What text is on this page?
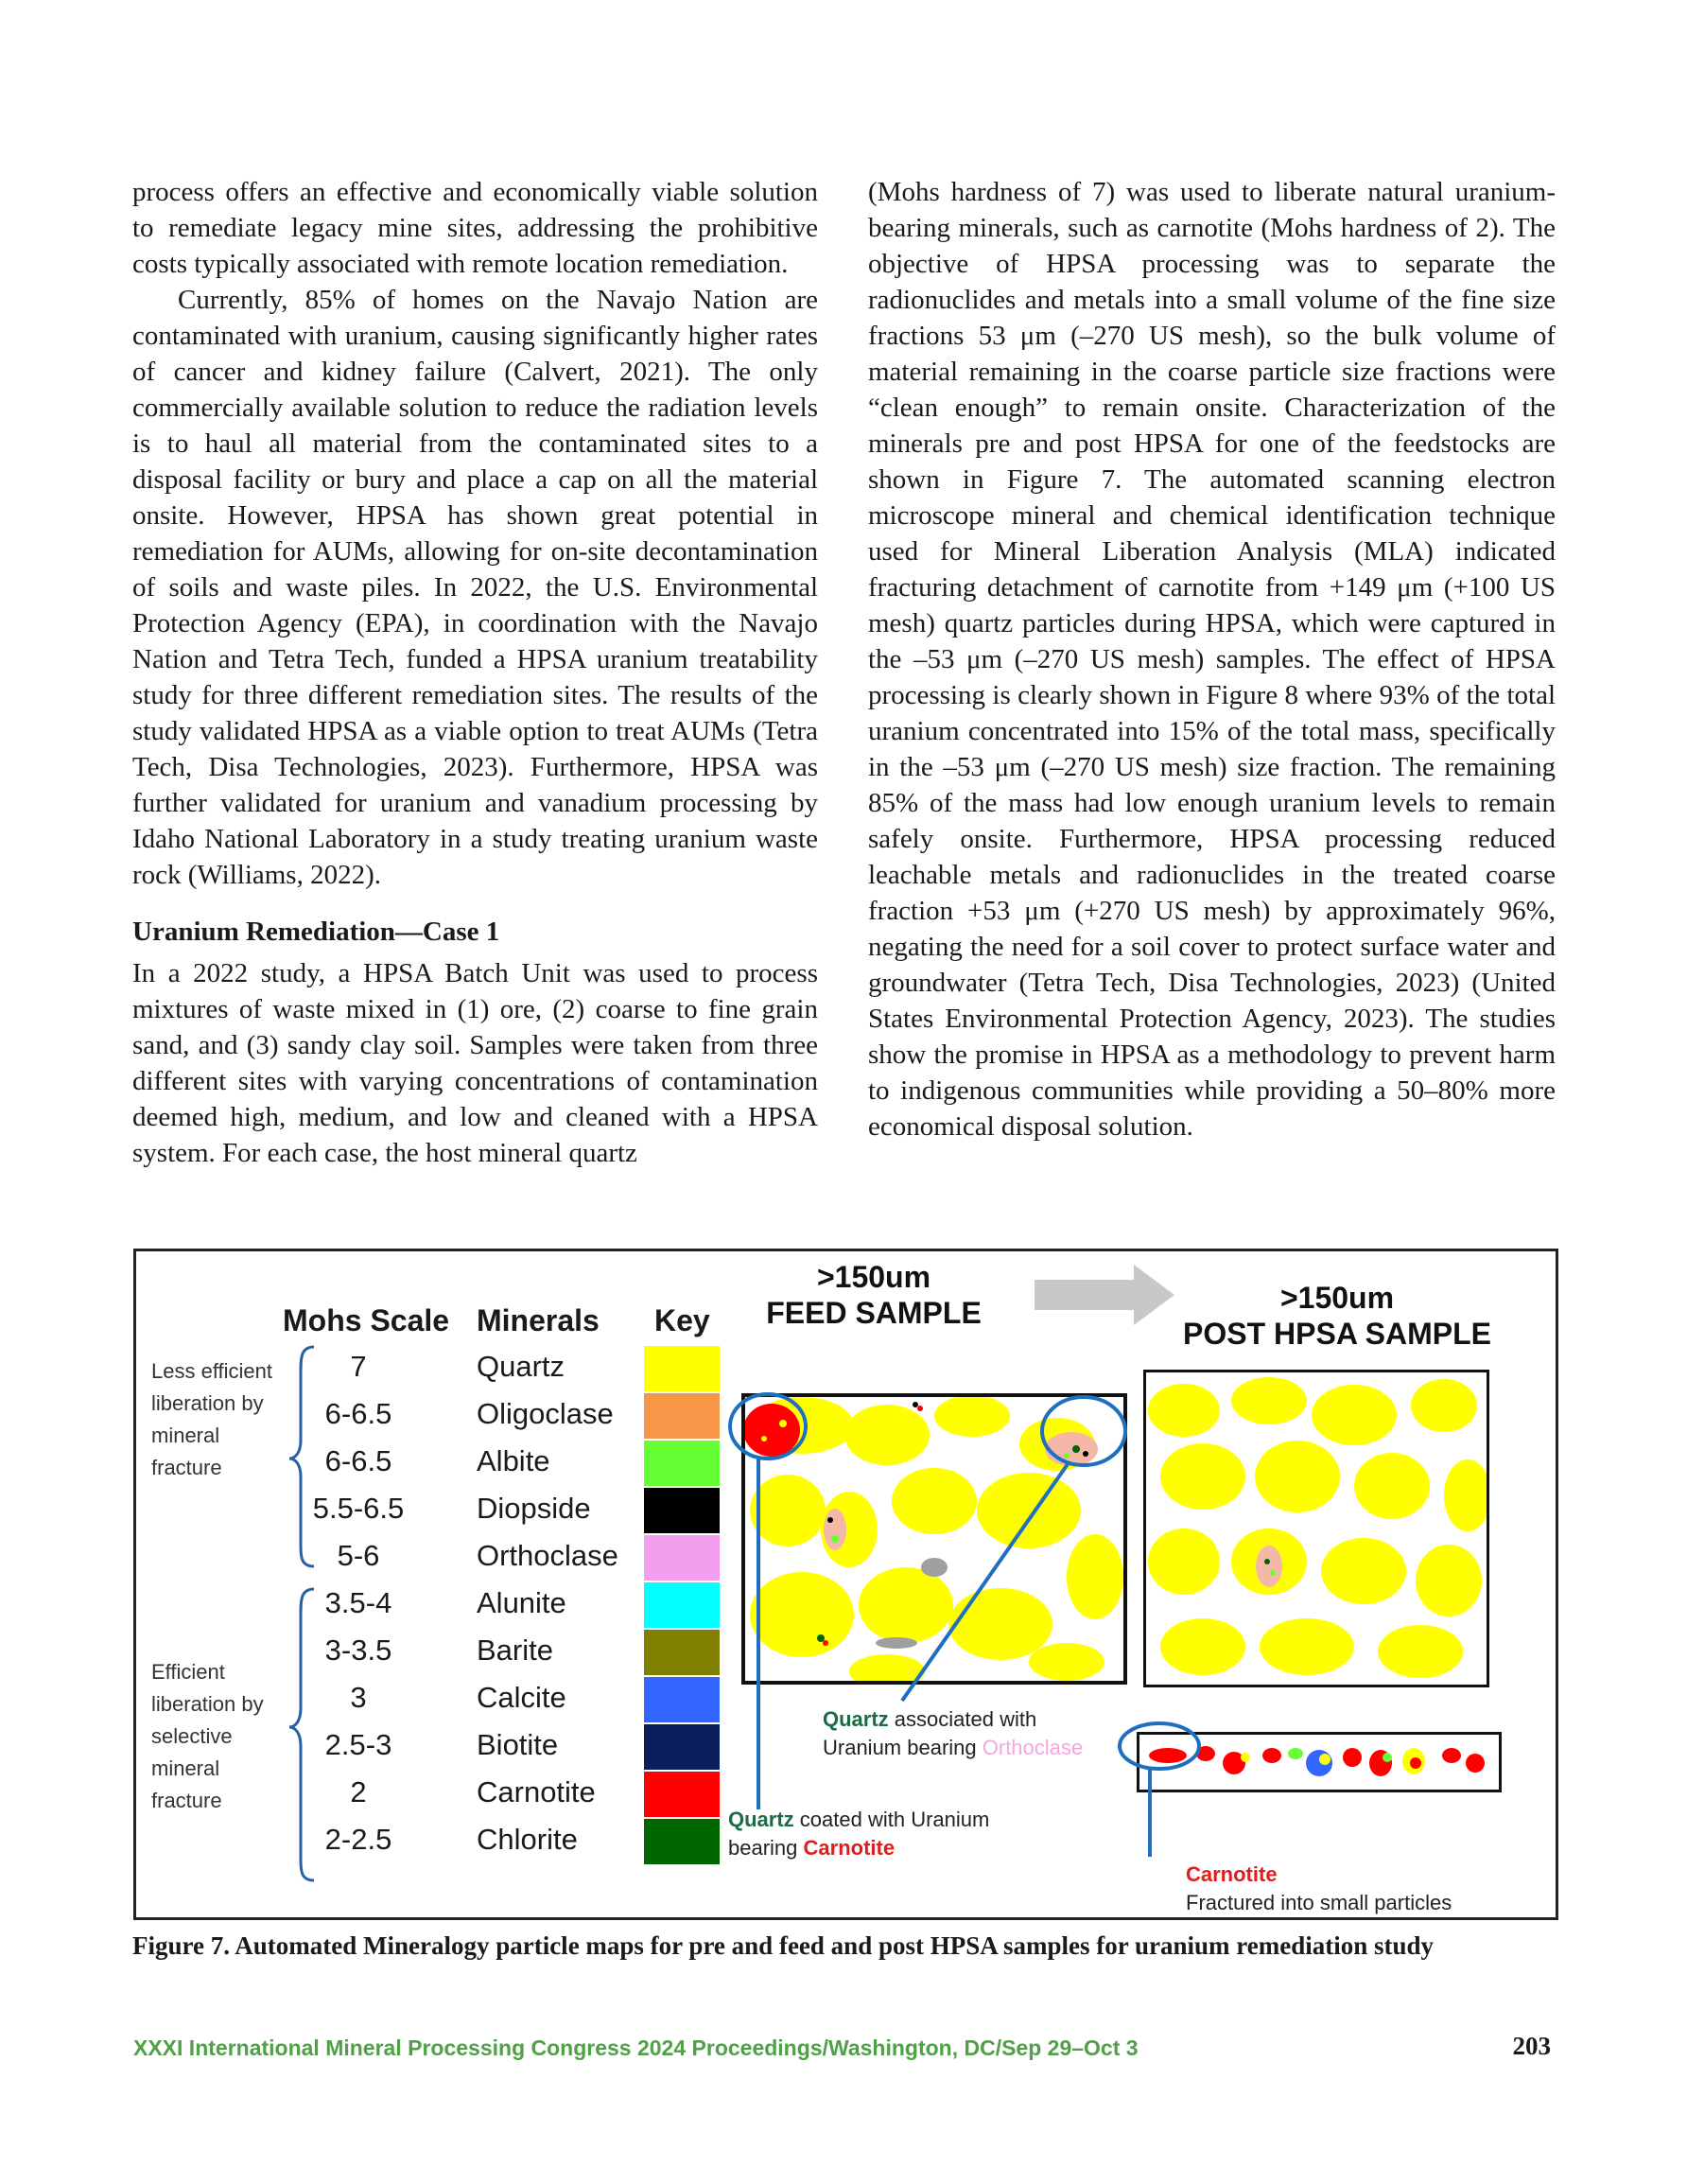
process offers an effective and economically viable solution to remediate legacy mine sites, addressing the prohibitive costs typically associated with remote location remediation.

Currently, 85% of homes on the Navajo Nation are contaminated with uranium, causing significantly higher rates of cancer and kidney failure (Calvert, 2021). The only commercially available solution to reduce the radiation levels is to haul all material from the contaminated sites to a disposal facility or bury and place a cap on all the material onsite. However, HPSA has shown great potential in remediation for AUMs, allowing for on-site decontamination of soils and waste piles. In 2022, the U.S. Environmental Protection Agency (EPA), in coordination with the Navajo Nation and Tetra Tech, funded a HPSA uranium treatability study for three different remediation sites. The results of the study validated HPSA as a viable option to treat AUMs (Tetra Tech, Disa Technologies, 2023). Furthermore, HPSA was further validated for uranium and vanadium processing by Idaho National Laboratory in a study treating uranium waste rock (Williams, 2022).

Uranium Remediation—Case 1

In a 2022 study, a HPSA Batch Unit was used to process mixtures of waste mixed in (1) ore, (2) coarse to fine grain sand, and (3) sandy clay soil. Samples were taken from three different sites with varying concentrations of contamination deemed high, medium, and low and cleaned with a HPSA system. For each case, the host mineral quartz

(Mohs hardness of 7) was used to liberate natural uranium-bearing minerals, such as carnotite (Mohs hardness of 2). The objective of HPSA processing was to separate the radionuclides and metals into a small volume of the fine size fractions 53 μm (–270 US mesh), so the bulk volume of material remaining in the coarse particle size fractions were “clean enough” to remain onsite. Characterization of the minerals pre and post HPSA for one of the feedstocks are shown in Figure 7. The automated scanning electron microscope mineral and chemical identification technique used for Mineral Liberation Analysis (MLA) indicated fracturing detachment of carnotite from +149 μm (+100 US mesh) quartz particles during HPSA, which were captured in the –53 μm (–270 US mesh) samples. The effect of HPSA processing is clearly shown in Figure 8 where 93% of the total uranium concentrated into 15% of the total mass, specifically in the –53 μm (–270 US mesh) size fraction. The remaining 85% of the mass had low enough uranium levels to remain safely onsite. Furthermore, HPSA processing reduced leachable metals and radionuclides in the treated coarse fraction +53 μm (+270 US mesh) by approximately 96%, negating the need for a soil cover to protect surface water and groundwater (Tetra Tech, Disa Technologies, 2023) (United States Environmental Protection Agency, 2023). The studies show the promise in HPSA as a methodology to prevent harm to indigenous communities while providing a 50–80% more economical disposal solution.

Mohs Scale Minerals Key
Less efficient
liberation by
mineral
fracture
Efficient
liberation by
selective
mineral
fracture
7	Quartz
6-6.5	Oligoclase
6-6.5	Albite
5.5-6.5 Diopside
5-6	Orthoclase
3.5-4	Alunite
3-3.5	Barite
3	Calcite
2.5-3	Biotite
2	Carnotite
2-2.5	Chlorite
>150um
FEED SAMPLE	>150um
POST HPSA SAMPLE
Quartz associated with
Uranium bearing Orthoclase
Quartz coated with Uranium
bearing Carnotite
Carnotite
Fractured into small particles
Figure 7. Automated Mineralogy particle maps for pre and feed and post HPSA samples for uranium remediation study
XXXI International Mineral Processing Congress 2024 Proceedings/Washington, DC/Sep 29–Oct 3	203
